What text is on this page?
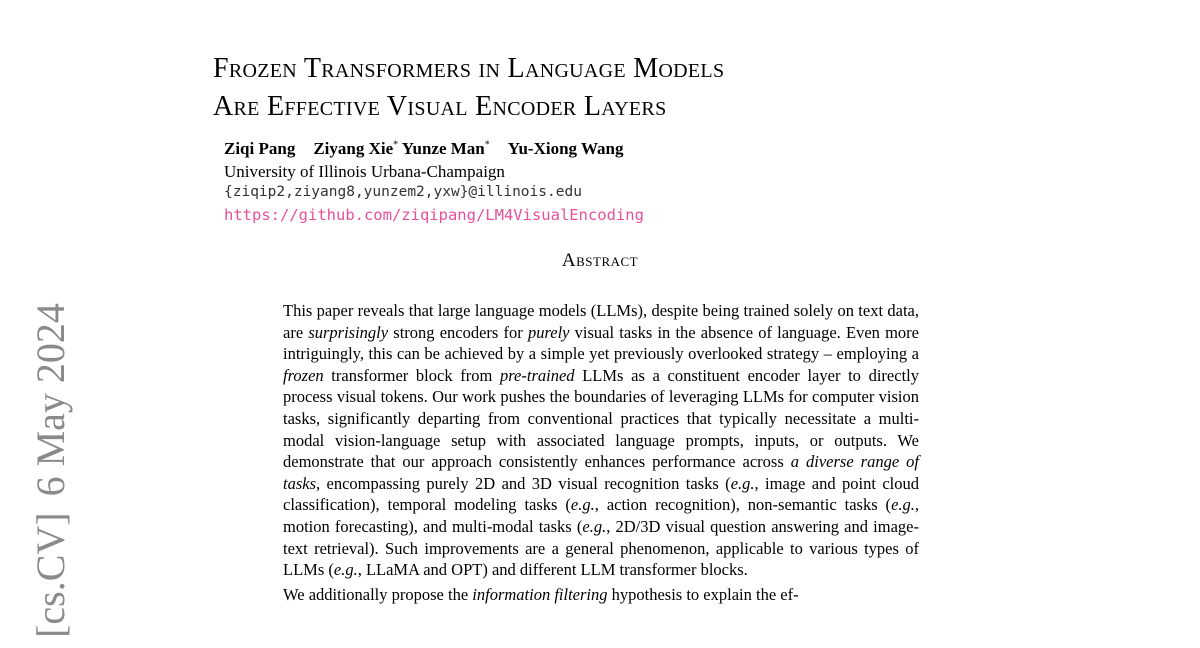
[cs.CV]6 May 2024
Frozen Transformers in Language Models
Are Effective Visual Encoder Layers
Ziqi Pang Ziyang Xie* Yunze Man* Yu-Xiong Wang
University of Illinois Urbana-Champaign
{ziqip2,ziyang8,yunzem2,yxw}@illinois.edu
https://github.com/ziqipang/LM4VisualEncoding
Abstract

This paper reveals that large language models (LLMs), despite being trained solely on text data, are surprisingly strong encoders for purely visual tasks in the absence of language. Even more intriguingly, this can be achieved by a simple yet previously overlooked strategy – employing a frozen transformer block from pre-trained LLMs as a constituent encoder layer to directly process visual tokens. Our work pushes the boundaries of leveraging LLMs for computer vision tasks, significantly departing from conventional practices that typically necessitate a multi-modal vision-language setup with associated language prompts, inputs, or outputs. We demonstrate that our approach consistently enhances performance across a diverse range of tasks, encompassing purely 2D and 3D visual recognition tasks (e.g., image and point cloud classification), temporal modeling tasks (e.g., action recognition), non-semantic tasks (e.g., motion forecasting), and multi-modal tasks (e.g., 2D/3D visual question answering and image-text retrieval). Such improvements are a general phenomenon, applicable to various types of LLMs (e.g., LLaMA and OPT) and different LLM transformer blocks.

We additionally propose the information filtering hypothesis to explain the ef-
